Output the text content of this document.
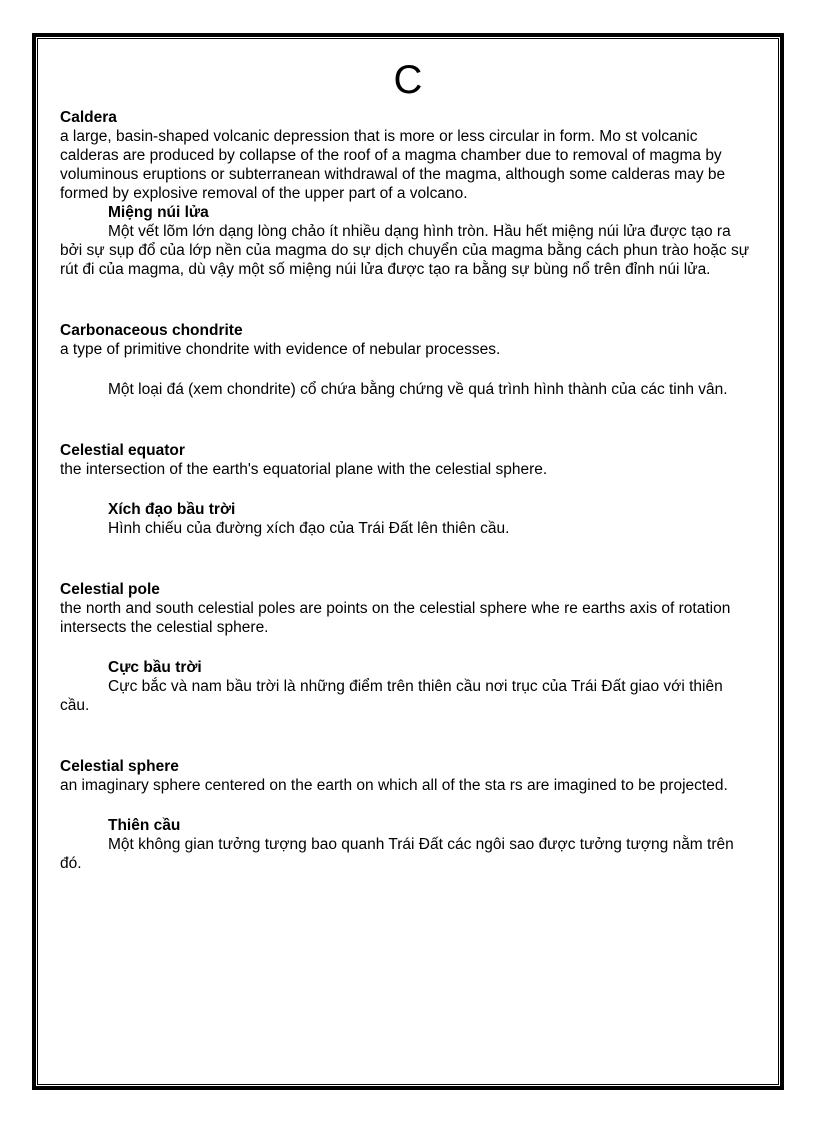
C

Caldera

a large, basin-shaped volcanic depression that is more or less circular in form. Mo st volcanic calderas are produced by collapse of the roof of a magma chamber due to removal of magma by voluminous eruptions or subterranean withdrawal of the magma, although some calderas may be formed by explosive removal of the upper part of a volcano.

Miệng núi lửa

Một vết lõm lớn dạng lòng chảo ít nhiều dạng hình tròn. Hầu hết miệng núi lửa được tạo ra bởi sự sụp đổ của lớp nền của magma do sự dịch chuyển của magma bằng cách phun trào hoặc sự rút đi của magma, dù vậy một số miệng núi lửa được tạo ra bằng sự bùng nổ trên đỉnh núi lửa.

Carbonaceous chondrite

a type of primitive chondrite with evidence of nebular processes.

Một loại đá (xem chondrite) cổ chứa bằng chứng về quá trình hình thành của các tinh vân.

Celestial equator

the intersection of the earth's equatorial plane with the celestial sphere.

Xích đạo bầu trời

Hình chiếu của đường xích đạo của Trái Đất lên thiên cầu.

Celestial pole

the north and south celestial poles are points on the celestial sphere whe re earths axis of rotation intersects the celestial sphere.

Cực bầu trời

Cực bắc và nam bầu trời là những điểm trên thiên cầu nơi trục của Trái Đất giao với thiên cầu.

Celestial sphere

an imaginary sphere centered on the earth on which all of the sta rs are imagined to be projected.

Thiên cầu

Một không gian tưởng tượng bao quanh Trái Đất các ngôi sao được tưởng tượng nằm trên đó.
